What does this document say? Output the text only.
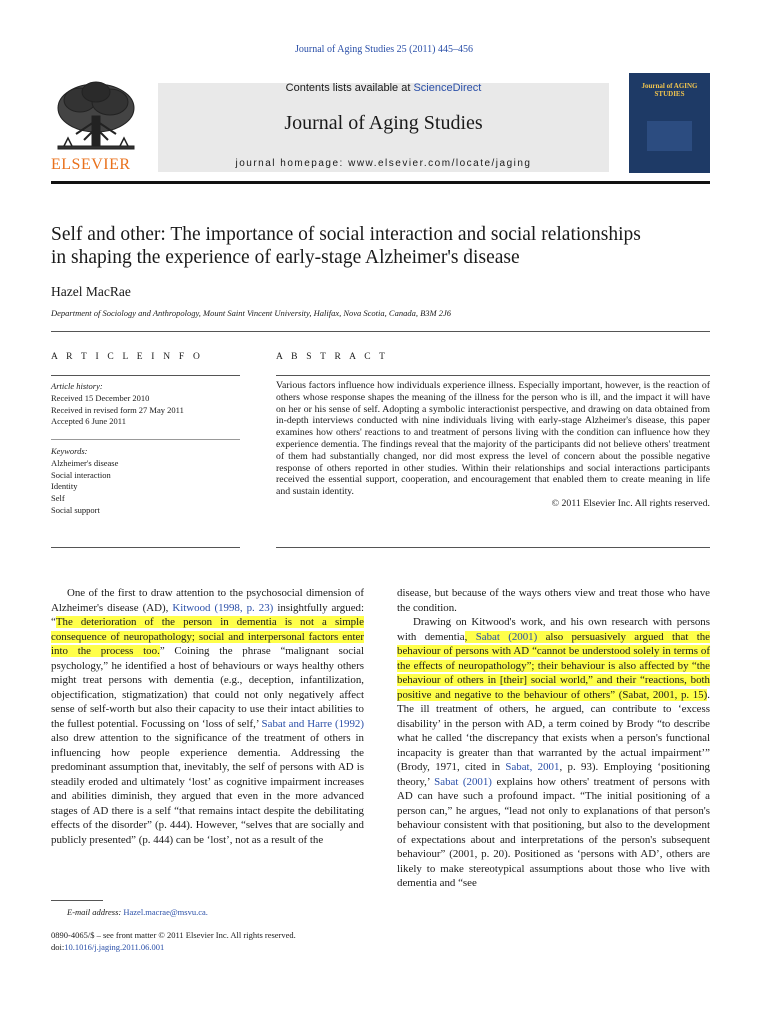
Journal of Aging Studies 25 (2011) 445–456
Contents lists available at ScienceDirect
Journal of Aging Studies
journal homepage: www.elsevier.com/locate/jaging
ELSEVIER
Journal of AGING STUDIES
Self and other: The importance of social interaction and social relationships
in shaping the experience of early-stage Alzheimer's disease
Hazel MacRae
Department of Sociology and Anthropology, Mount Saint Vincent University, Halifax, Nova Scotia, Canada, B3M 2J6
A R T I C L E I N F O
Article history:
Received 15 December 2010
Received in revised form 27 May 2011
Accepted 6 June 2011
Keywords:
Alzheimer's disease
Social interaction
Identity
Self
Social support
A B S T R A C T
Various factors influence how individuals experience illness. Especially important, however, is the reaction of others whose response shapes the meaning of the illness for the person who is ill, and the impact it will have on her or his sense of self. Adopting a symbolic interactionist perspective, and drawing on data obtained from in-depth interviews conducted with nine individuals living with early-stage Alzheimer's disease, this paper examines how others' reactions to and treatment of persons living with the condition can influence how they experience dementia. The findings reveal that the majority of the participants did not believe others' treatment of them had substantially changed, nor did most express the level of concern about the possible negative response of others reported in other studies. Within their relationships and social interactions participants received the essential support, cooperation, and encouragement that enabled them to create meaning in life and sustain identity.
© 2011 Elsevier Inc. All rights reserved.

One of the first to draw attention to the psychosocial dimension of Alzheimer's disease (AD), Kitwood (1998, p. 23) insightfully argued: “The deterioration of the person in dementia is not a simple consequence of neuropathology; social and interpersonal factors enter into the process too.” Coining the phrase “malignant social psychology,” he identified a host of behaviours or ways healthy others might treat persons with dementia (e.g., deception, infantilization, objectification, stigmatization) that could not only negatively affect sense of self-worth but also their capacity to use their intact abilities to the fullest potential. Focussing on ‘loss of self,’ Sabat and Harre (1992) also drew attention to the significance of the treatment of others in influencing how people experience dementia. Addressing the predominant assumption that, inevitably, the self of persons with AD is steadily eroded and ultimately ‘lost’ as cognitive impairment increases and abilities diminish, they argued that even in the more advanced stages of AD there is a self “that remains intact despite the debilitating effects of the disorder” (p. 444). However, “selves that are socially and publicly presented” (p. 444) can be ‘lost’, not as a result of the

disease, but because of the ways others view and treat those who have the condition.

Drawing on Kitwood's work, and his own research with persons with dementia, Sabat (2001) also persuasively argued that the behaviour of persons with AD “cannot be understood solely in terms of the effects of neuropathology”; their behaviour is also affected by “the behaviour of others in [their] social world,” and their “reactions, both positive and negative to the behaviour of others” (Sabat, 2001, p. 15). The ill treatment of others, he argued, can contribute to ‘excess disability’ in the person with AD, a term coined by Brody “to describe what he called ‘the discrepancy that exists when a person's functional incapacity is greater than that warranted by the actual impairment’” (Brody, 1971, cited in Sabat, 2001, p. 93). Employing ‘positioning theory,’ Sabat (2001) explains how others' treatment of persons with AD can have such a profound impact. “The initial positioning of a person can,” he argues, “lead not only to explanations of that person's behaviour consistent with that positioning, but also to the development of expectations about and interpretations of the person's subsequent behaviour” (2001, p. 20). Positioned as ‘persons with AD’, others are likely to make stereotypical assumptions about those who live with dementia and “see

E-mail address: Hazel.macrae@msvu.ca.
0890-4065/$ – see front matter © 2011 Elsevier Inc. All rights reserved.
doi:10.1016/j.jaging.2011.06.001
